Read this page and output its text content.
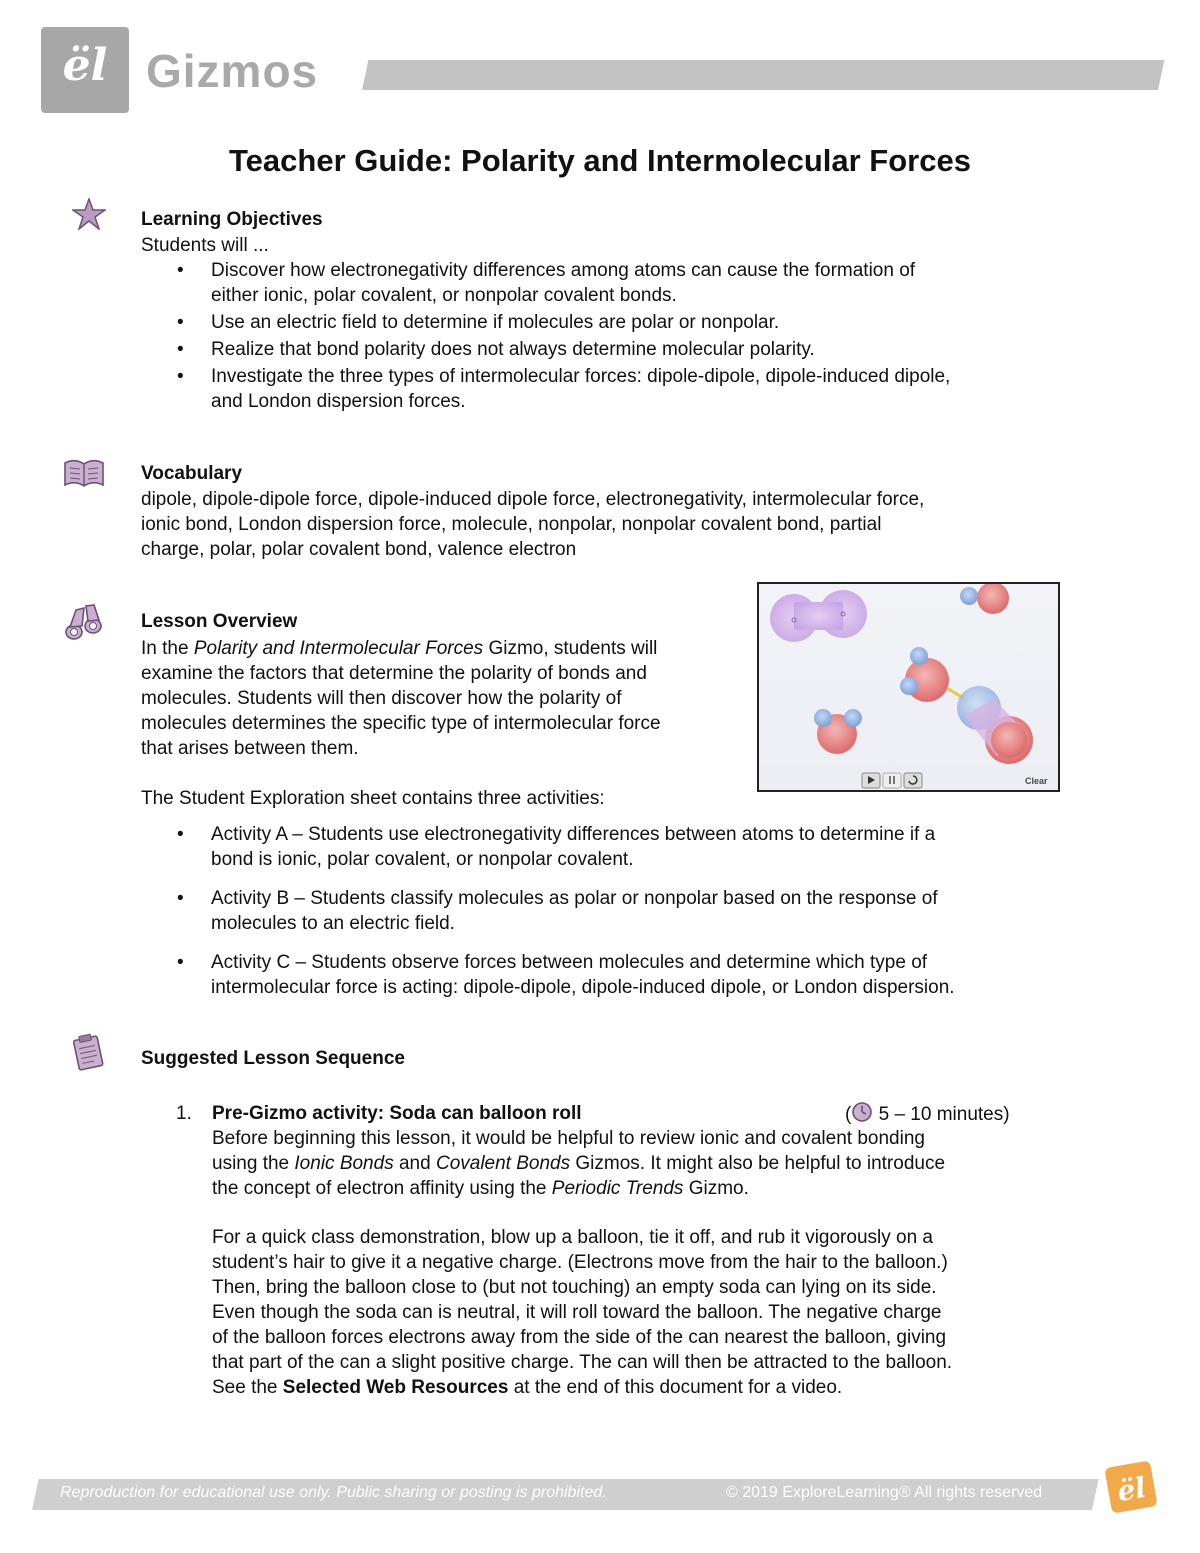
ël Gizmos
Teacher Guide: Polarity and Intermolecular Forces
Learning Objectives
Students will ...
• Discover how electronegativity differences among atoms can cause the formation of
either ionic, polar covalent, or nonpolar covalent bonds.
• Use an electric field to determine if molecules are polar or nonpolar.
• Realize that bond polarity does not always determine molecular polarity.
• Investigate the three types of intermolecular forces: dipole-dipole, dipole-induced dipole,
and London dispersion forces.
Vocabulary
dipole, dipole-dipole force, dipole-induced dipole force, electronegativity, intermolecular force,
ionic bond, London dispersion force, molecule, nonpolar, nonpolar covalent bond, partial
charge, polar, polar covalent bond, valence electron
Lesson Overview
In the Polarity and Intermolecular Forces Gizmo, students will
examine the factors that determine the polarity of bonds and
molecules. Students will then discover how the polarity of
molecules determines the specific type of intermolecular force
that arises between them.
The Student Exploration sheet contains three activities:
• Activity A – Students use electronegativity differences between atoms to determine if a
bond is ionic, polar covalent, or nonpolar covalent.
• Activity B – Students classify molecules as polar or nonpolar based on the response of
molecules to an electric field.
• Activity C – Students observe forces between molecules and determine which type of
intermolecular force is acting: dipole-dipole, dipole-induced dipole, or London dispersion.
Clear
Suggested Lesson Sequence
1. Pre-Gizmo activity: Soda can balloon roll	( 5 – 10 minutes)
Before beginning this lesson, it would be helpful to review ionic and covalent bonding
using the Ionic Bonds and Covalent Bonds Gizmos. It might also be helpful to introduce
the concept of electron affinity using the Periodic Trends Gizmo.
For a quick class demonstration, blow up a balloon, tie it off, and rub it vigorously on a
student’s hair to give it a negative charge. (Electrons move from the hair to the balloon.)
Then, bring the balloon close to (but not touching) an empty soda can lying on its side.
Even though the soda can is neutral, it will roll toward the balloon. The negative charge
of the balloon forces electrons away from the side of the can nearest the balloon, giving
that part of the can a slight positive charge. The can will then be attracted to the balloon.
See the Selected Web Resources at the end of this document for a video.
Reproduction for educational use only. Public sharing or posting is prohibited.	© 2019 ExploreLearning® All rights reserved	ël
